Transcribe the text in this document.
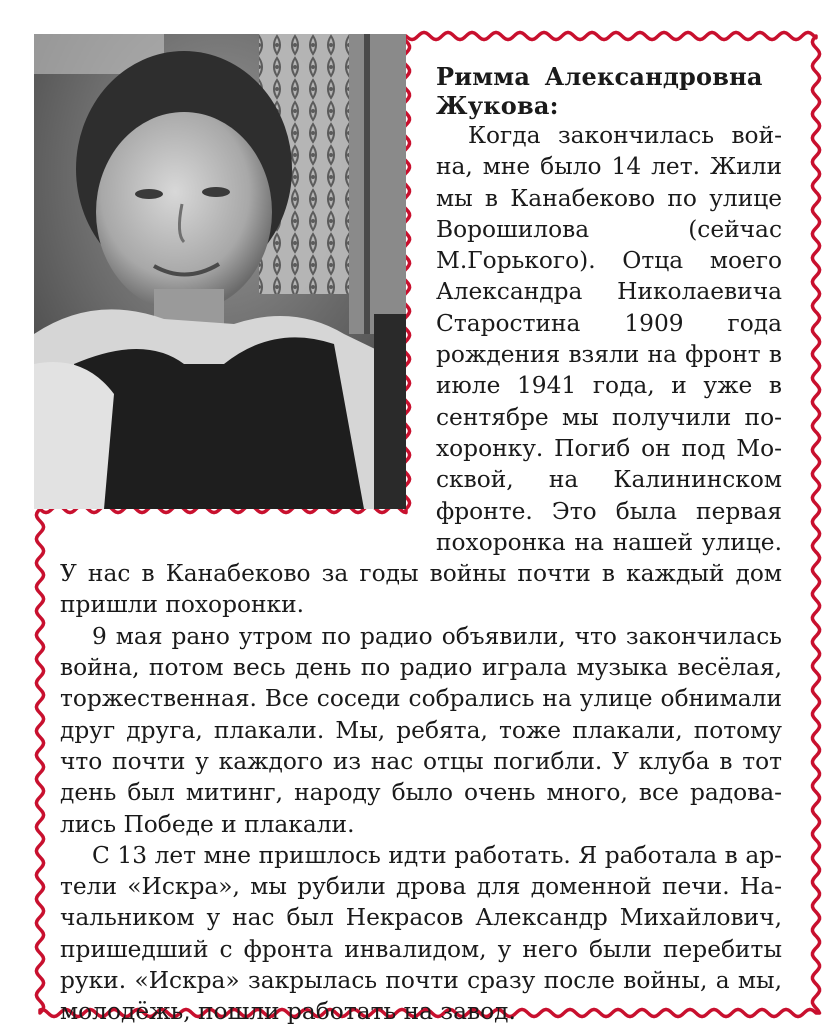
Римма Александровна

Жукова:

Когда закончилась война, мне было 14 лет. Жили мы в Канабеково по улице Ворошилова (сейчас М.Горького). Отца моего Александра Николаевича Старостина 1909 года рождения взяли на фронт в июле 1941 года, и уже в сентябре мы получили похоронку. Погиб он под Москвой, на Калининском фронте. Это была первая похоронка на нашей улице. У нас в Канабеково за годы войны почти в каждый дом пришли похоронки.

9 мая рано утром по радио объявили, что закончилась война, потом весь день по радио играла музыка весёлая, торжественная. Все соседи собрались на улице обнимали друг друга, плакали. Мы, ребята, тоже плакали, потому что почти у каждого из нас отцы погибли. У клуба в тот день был митинг, народу было очень много, все радовались Победе и плакали.

С 13 лет мне пришлось идти работать. Я работала в артели «Искра», мы рубили дрова для доменной печи. Начальником у нас был Некрасов Александр Михайлович, пришедший с фронта инвалидом, у него были перебиты руки. «Искра» закрылась почти сразу после войны, а мы, молодёжь, пошли работать на завод.
